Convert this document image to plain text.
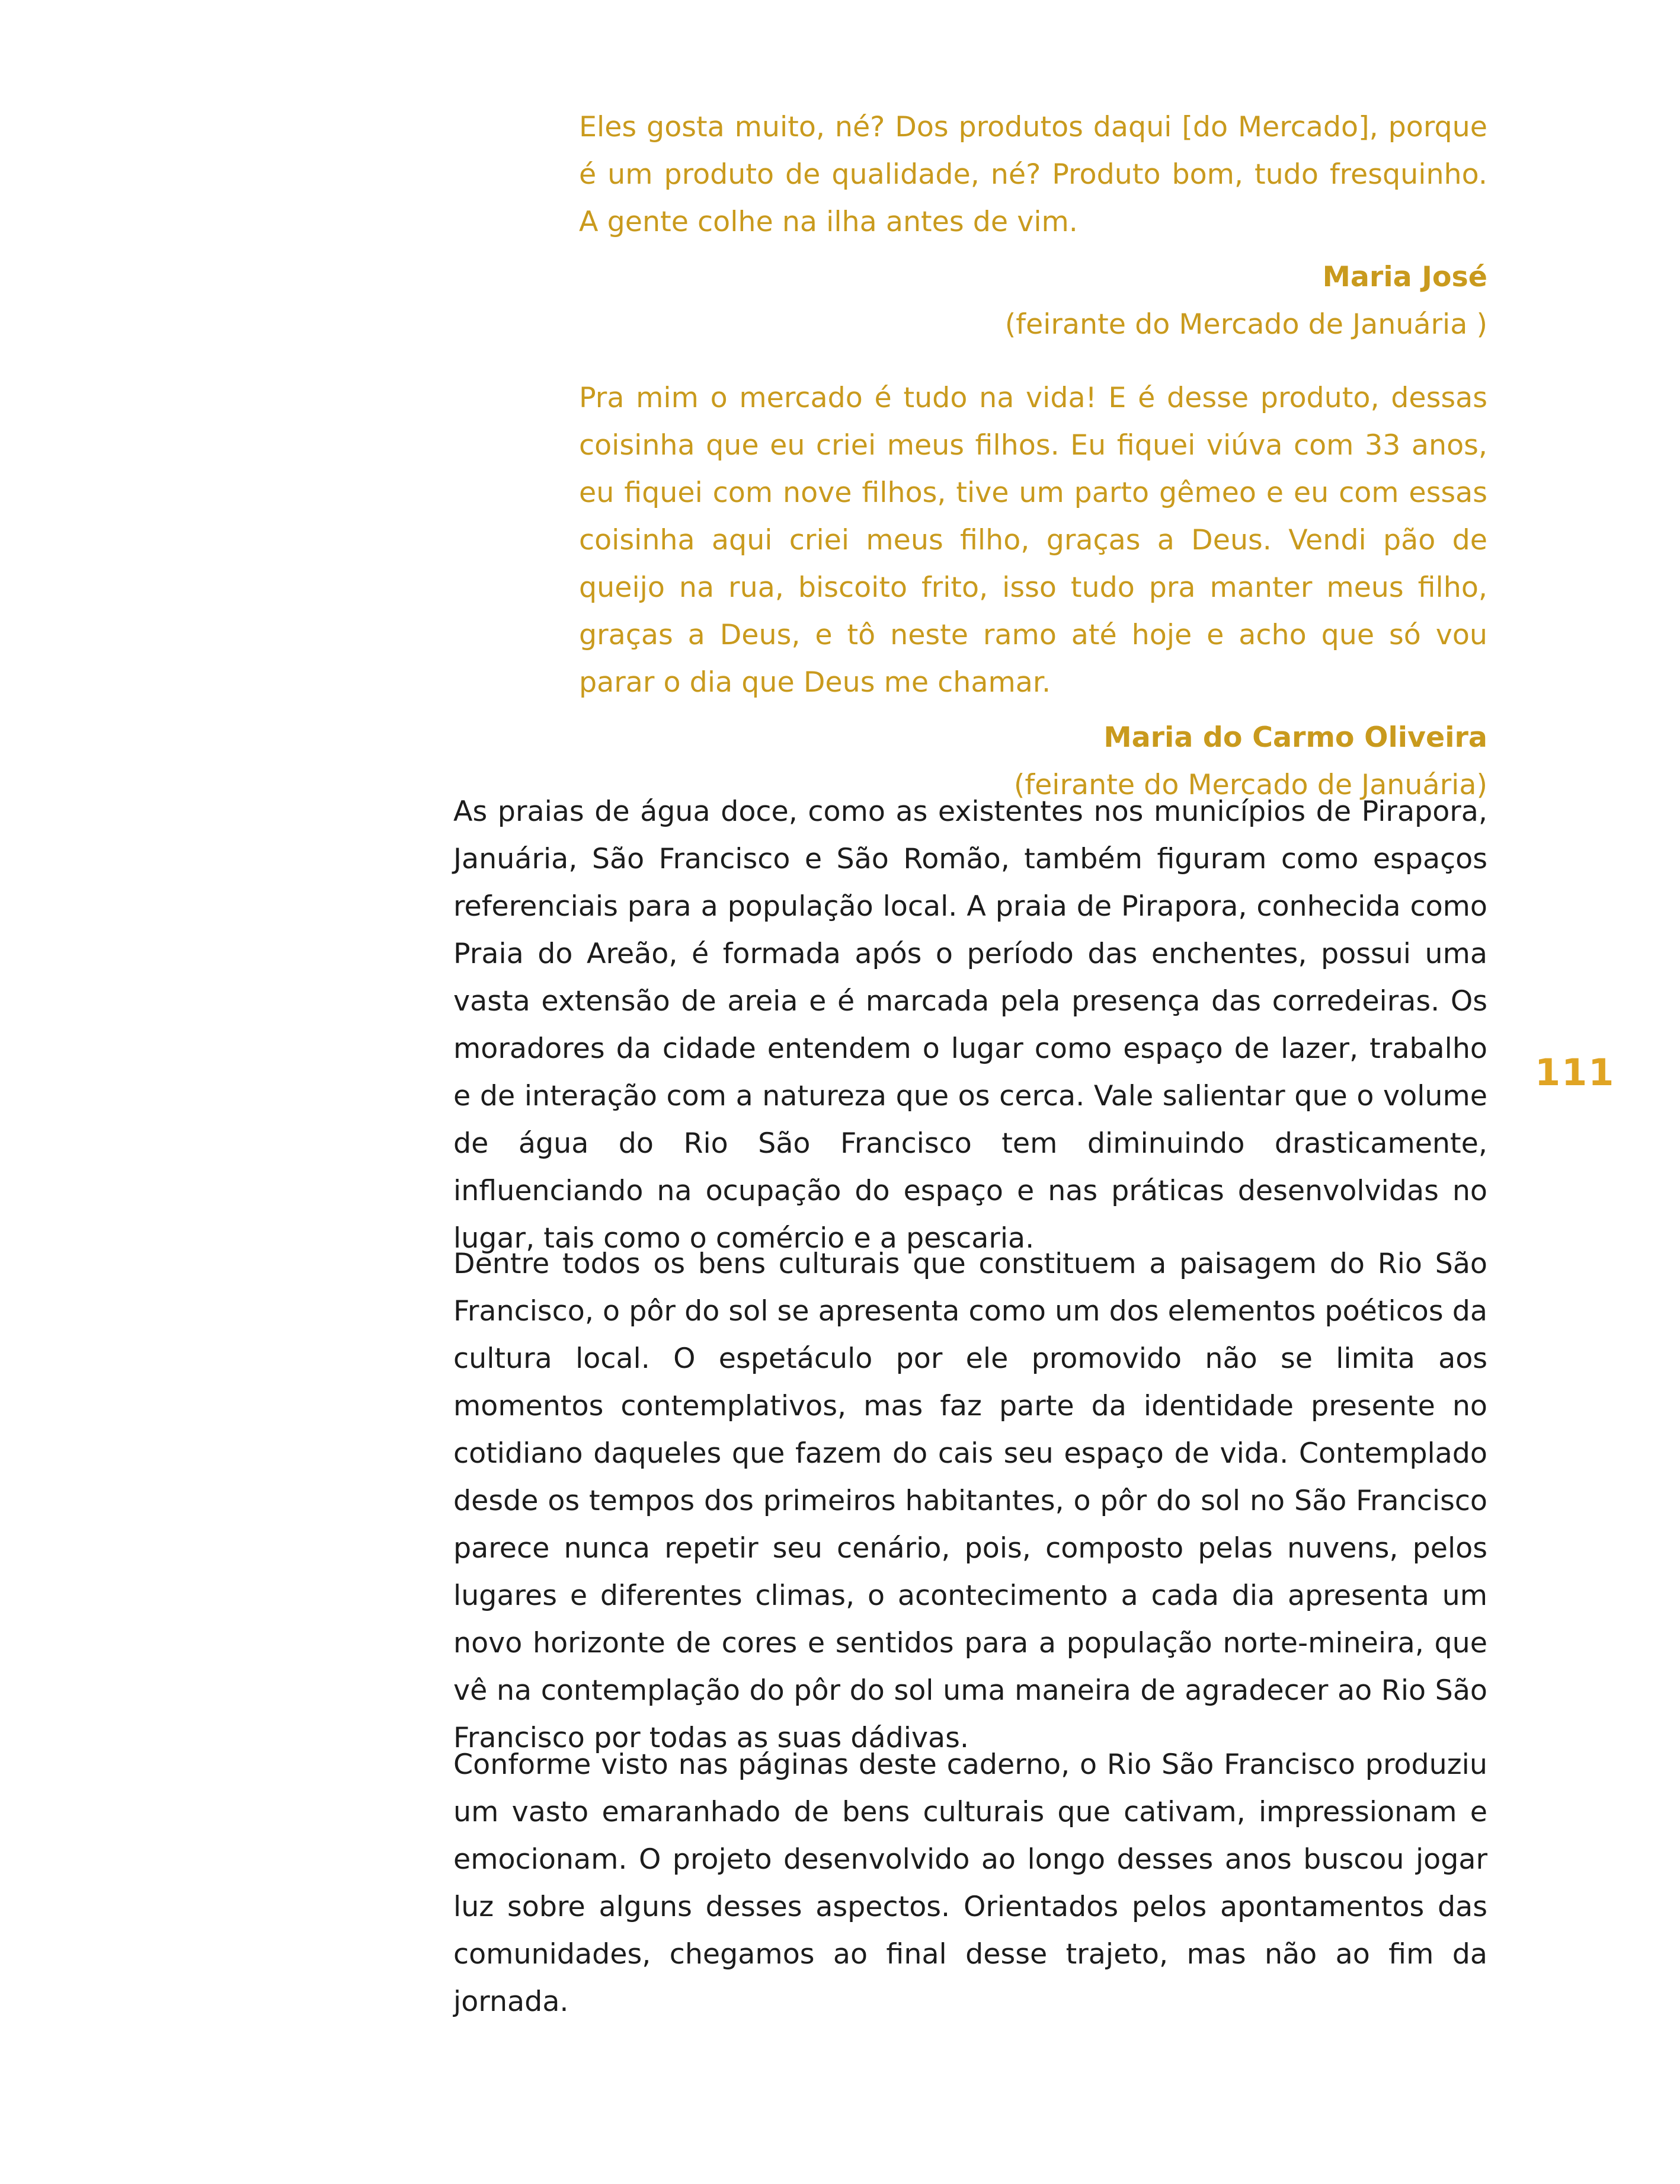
Eles gosta muito, né? Dos produtos daqui [do Mercado], porque é um produto de qualidade, né? Produto bom, tudo fresquinho. A gente colhe na ilha antes de vim.

Maria José

(feirante do Mercado de Januária )

Pra mim o mercado é tudo na vida! E é desse produto, dessas coisinha que eu criei meus filhos. Eu fiquei viúva com 33 anos, eu fiquei com nove filhos, tive um parto gêmeo e eu com essas coisinha aqui criei meus filho, graças a Deus. Vendi pão de queijo na rua, biscoito frito, isso tudo pra manter meus filho, graças a Deus, e tô neste ramo até hoje e acho que só vou parar o dia que Deus me chamar.

Maria do Carmo Oliveira

(feirante do Mercado de Januária)

As praias de água doce, como as existentes nos municípios de Pirapora, Januária, São Francisco e São Romão, também figuram como espaços referenciais para a população local. A praia de Pirapora, conhecida como Praia do Areão, é formada após o período das enchentes, possui uma vasta extensão de areia e é marcada pela presença das corredeiras. Os moradores da cidade entendem o lugar como espaço de lazer, trabalho e de interação com a natureza que os cerca. Vale salientar que o volume de água do Rio São Francisco tem diminuindo drasticamente, influenciando na ocupação do espaço e nas práticas desenvolvidas no lugar, tais como o comércio e a pescaria.

Dentre todos os bens culturais que constituem a paisagem do Rio São Francisco, o pôr do sol se apresenta como um dos elementos poéticos da cultura local. O espetáculo por ele promovido não se limita aos momentos contemplativos, mas faz parte da identidade presente no cotidiano daqueles que fazem do cais seu espaço de vida. Contemplado desde os tempos dos primeiros habitantes, o pôr do sol no São Francisco parece nunca repetir seu cenário, pois, composto pelas nuvens, pelos lugares e diferentes climas, o acontecimento a cada dia apresenta um novo horizonte de cores e sentidos para a população norte-mineira, que vê na contemplação do pôr do sol uma maneira de agradecer ao Rio São Francisco por todas as suas dádivas.

Conforme visto nas páginas deste caderno, o Rio São Francisco produziu um vasto emaranhado de bens culturais que cativam, impressionam e emocionam. O projeto desenvolvido ao longo desses anos buscou jogar luz sobre alguns desses aspectos. Orientados pelos apontamentos das comunidades, chegamos ao final desse trajeto, mas não ao fim da jornada.

111
